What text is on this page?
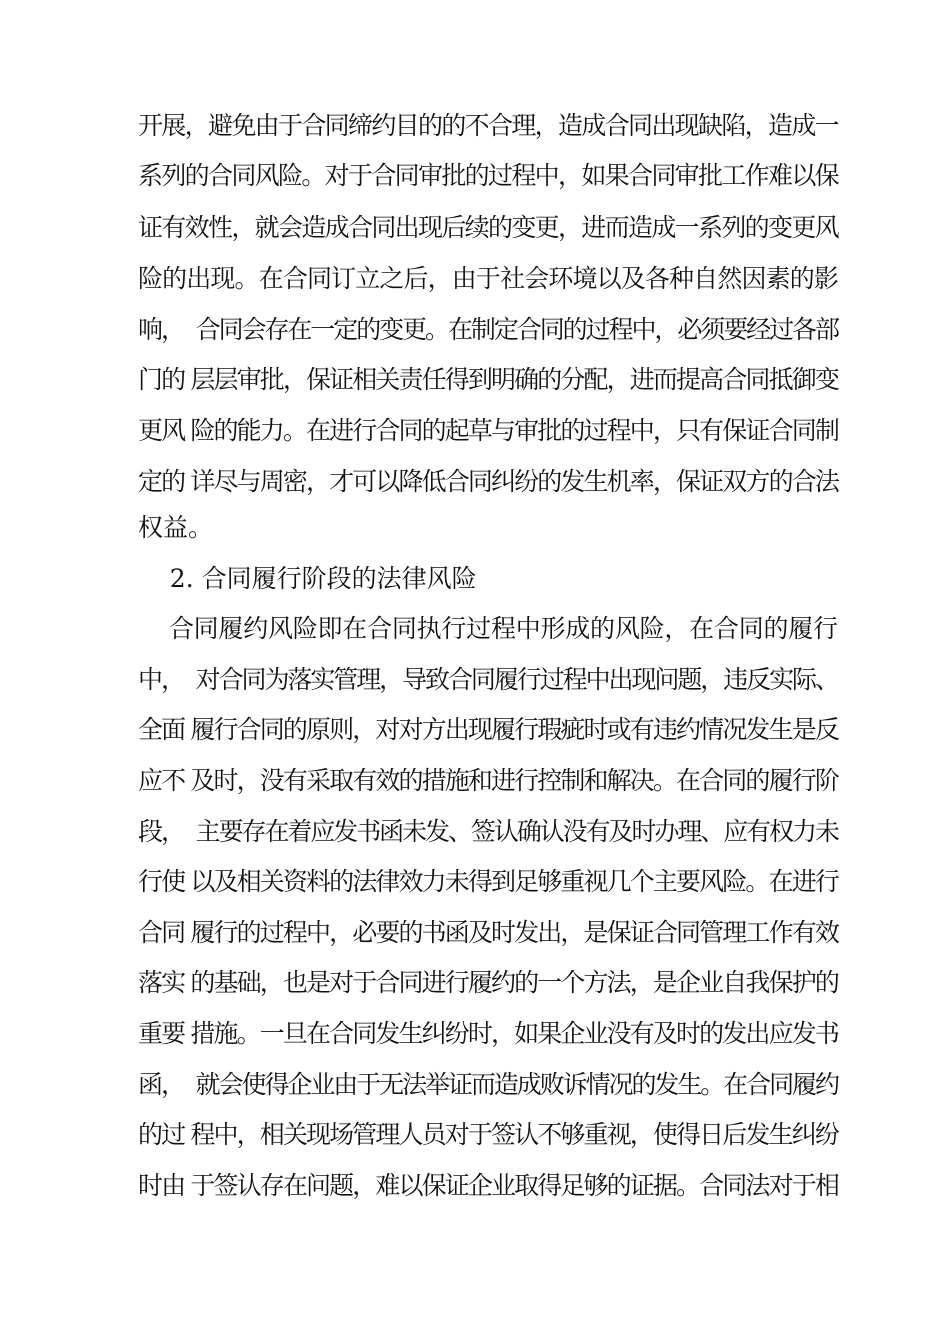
开展，避免由于合同缔约目的的不合理，造成合同出现缺陷，造成一

系列的合同风险。对于合同审批的过程中，如果合同审批工作难以保

证有效性，就会造成合同出现后续的变更，进而造成一系列的变更风

险的出现。在合同订立之后，由于社会环境以及各种自然因素的影

响，  合同会存在一定的变更。在制定合同的过程中，必须要经过各部

门的 层层审批，保证相关责任得到明确的分配，进而提高合同抵御变

更风 险的能力。在进行合同的起草与审批的过程中，只有保证合同制

定的 详尽与周密，才可以降低合同纠纷的发生机率，保证双方的合法

权益。

2. 合同履行阶段的法律风险

合同履约风险即在合同执行过程中形成的风险，在合同的履行

中，  对合同为落实管理，导致合同履行过程中出现问题，违反实际、

全面 履行合同的原则，对对方出现履行瑕疵时或有违约情况发生是反

应不 及时，没有采取有效的措施和进行控制和解决。在合同的履行阶

段，  主要存在着应发书函未发、签认确认没有及时办理、应有权力未

行使 以及相关资料的法律效力未得到足够重视几个主要风险。在进行

合同 履行的过程中，必要的书函及时发出，是保证合同管理工作有效

落实 的基础，也是对于合同进行履约的一个方法，是企业自我保护的

重要 措施。一旦在合同发生纠纷时，如果企业没有及时的发出应发书

函，  就会使得企业由于无法举证而造成败诉情况的发生。在合同履约

的过 程中，相关现场管理人员对于签认不够重视，使得日后发生纠纷

时由 于签认存在问题，难以保证企业取得足够的证据。合同法对于相
